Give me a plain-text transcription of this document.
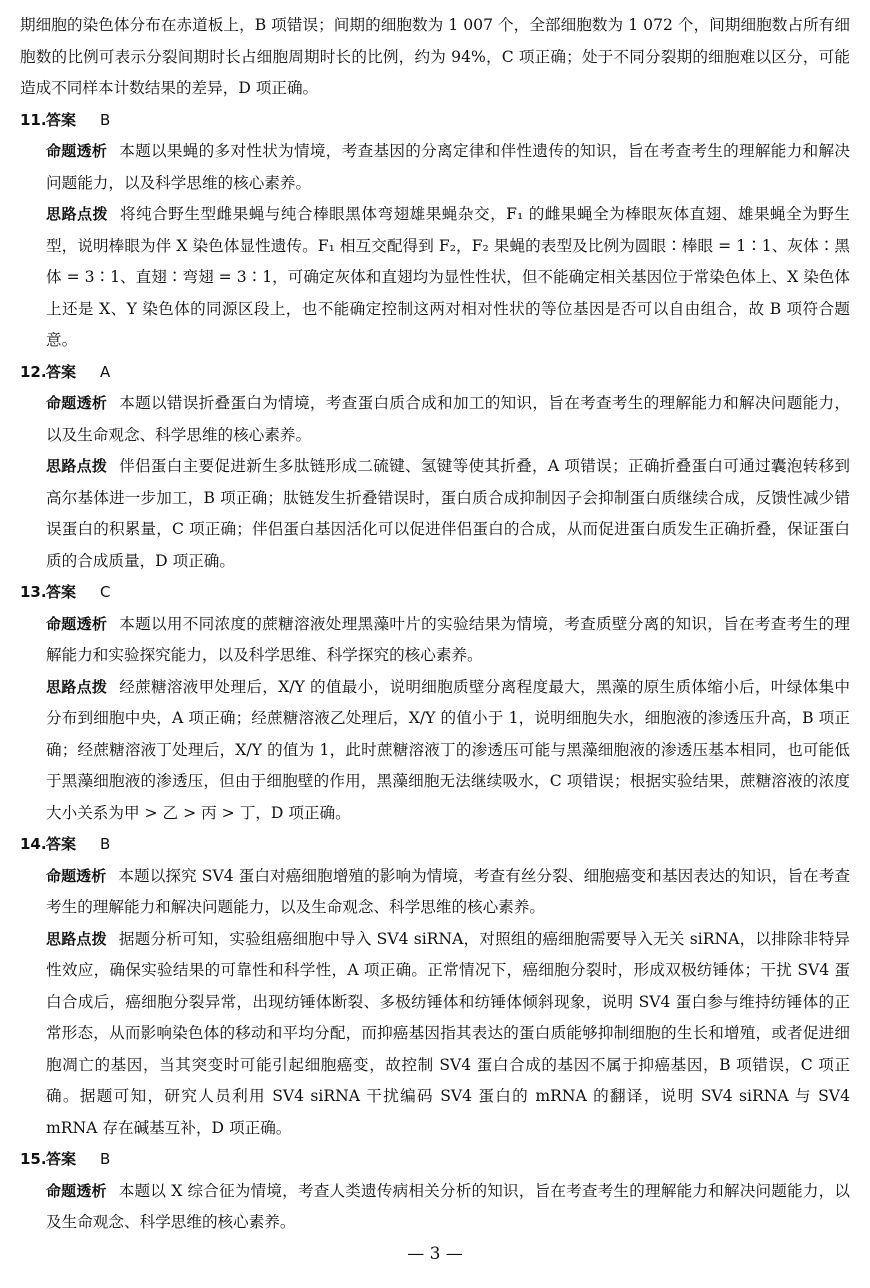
期细胞的染色体分布在赤道板上，B 项错误；间期的细胞数为 1 007 个，全部细胞数为 1 072 个，间期细胞数占所有细胞数的比例可表示分裂间期时长占细胞周期时长的比例，约为 94%，C 项正确；处于不同分裂期的细胞难以区分，可能造成不同样本计数结果的差异，D 项正确。

11. 答案 B

命题透析 本题以果蝇的多对性状为情境，考查基因的分离定律和伴性遗传的知识，旨在考查考生的理解能力和解决问题能力，以及科学思维的核心素养。

思路点拨 将纯合野生型雌果蝇与纯合棒眼黑体弯翅雄果蝇杂交，F₁ 的雌果蝇全为棒眼灰体直翅、雄果蝇全为野生型，说明棒眼为伴 X 染色体显性遗传。F₁ 相互交配得到 F₂，F₂ 果蝇的表型及比例为圆眼∶棒眼 = 1∶1、灰体∶黑体 = 3∶1、直翅∶弯翅 = 3∶1，可确定灰体和直翅均为显性性状，但不能确定相关基因位于常染色体上、X 染色体上还是 X、Y 染色体的同源区段上，也不能确定控制这两对相对性状的等位基因是否可以自由组合，故 B 项符合题意。

12. 答案 A

命题透析 本题以错误折叠蛋白为情境，考查蛋白质合成和加工的知识，旨在考查考生的理解能力和解决问题能力，以及生命观念、科学思维的核心素养。

思路点拨 伴侣蛋白主要促进新生多肽链形成二硫键、氢键等使其折叠，A 项错误；正确折叠蛋白可通过囊泡转移到高尔基体进一步加工，B 项正确；肽链发生折叠错误时，蛋白质合成抑制因子会抑制蛋白质继续合成，反馈性减少错误蛋白的积累量，C 项正确；伴侣蛋白基因活化可以促进伴侣蛋白的合成，从而促进蛋白质发生正确折叠，保证蛋白质的合成质量，D 项正确。

13. 答案 C

命题透析 本题以用不同浓度的蔗糖溶液处理黑藻叶片的实验结果为情境，考查质壁分离的知识，旨在考查考生的理解能力和实验探究能力，以及科学思维、科学探究的核心素养。

思路点拨 经蔗糖溶液甲处理后，X/Y 的值最小，说明细胞质壁分离程度最大，黑藻的原生质体缩小后，叶绿体集中分布到细胞中央，A 项正确；经蔗糖溶液乙处理后，X/Y 的值小于 1，说明细胞失水，细胞液的渗透压升高，B 项正确；经蔗糖溶液丁处理后，X/Y 的值为 1，此时蔗糖溶液丁的渗透压可能与黑藻细胞液的渗透压基本相同，也可能低于黑藻细胞液的渗透压，但由于细胞壁的作用，黑藻细胞无法继续吸水，C 项错误；根据实验结果，蔗糖溶液的浓度大小关系为甲 > 乙 > 丙 > 丁，D 项正确。

14. 答案 B

命题透析 本题以探究 SV4 蛋白对癌细胞增殖的影响为情境，考查有丝分裂、细胞癌变和基因表达的知识，旨在考查考生的理解能力和解决问题能力，以及生命观念、科学思维的核心素养。

思路点拨 据题分析可知，实验组癌细胞中导入 SV4 siRNA，对照组的癌细胞需要导入无关 siRNA，以排除非特异性效应，确保实验结果的可靠性和科学性，A 项正确。正常情况下，癌细胞分裂时，形成双极纺锤体；干扰 SV4 蛋白合成后，癌细胞分裂异常，出现纺锤体断裂、多极纺锤体和纺锤体倾斜现象，说明 SV4 蛋白参与维持纺锤体的正常形态，从而影响染色体的移动和平均分配，而抑癌基因指其表达的蛋白质能够抑制细胞的生长和增殖，或者促进细胞凋亡的基因，当其突变时可能引起细胞癌变，故控制 SV4 蛋白合成的基因不属于抑癌基因，B 项错误，C 项正确。据题可知，研究人员利用 SV4 siRNA 干扰编码 SV4 蛋白的 mRNA 的翻译，说明 SV4 siRNA 与 SV4 mRNA 存在碱基互补，D 项正确。

15. 答案 B

命题透析 本题以 X 综合征为情境，考查人类遗传病相关分析的知识，旨在考查考生的理解能力和解决问题能力，以及生命观念、科学思维的核心素养。

— 3 —
